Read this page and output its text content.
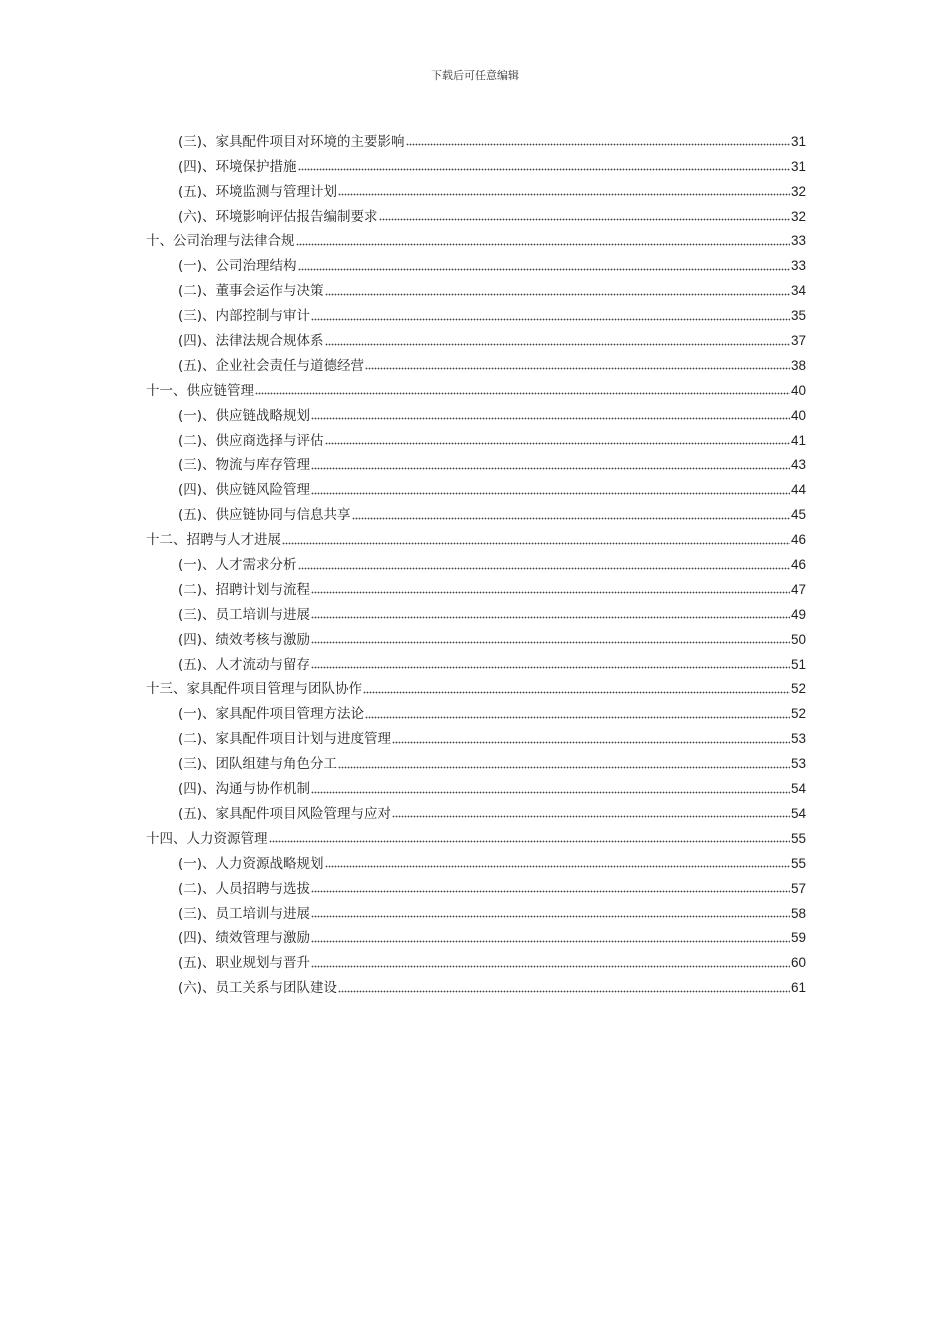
下载后可任意编辑
(三)、家具配件项目对环境的主要影响	31
(四)、环境保护措施	31
(五)、环境监测与管理计划	32
(六)、环境影响评估报告编制要求	32
十、公司治理与法律合规	33
(一)、公司治理结构	33
(二)、董事会运作与决策	34
(三)、内部控制与审计	35
(四)、法律法规合规体系	37
(五)、企业社会责任与道德经营	38
十一、供应链管理	40
(一)、供应链战略规划	40
(二)、供应商选择与评估	41
(三)、物流与库存管理	43
(四)、供应链风险管理	44
(五)、供应链协同与信息共享	45
十二、招聘与人才进展	46
(一)、人才需求分析	46
(二)、招聘计划与流程	47
(三)、员工培训与进展	49
(四)、绩效考核与激励	50
(五)、人才流动与留存	51
十三、家具配件项目管理与团队协作	52
(一)、家具配件项目管理方法论	52
(二)、家具配件项目计划与进度管理	53
(三)、团队组建与角色分工	53
(四)、沟通与协作机制	54
(五)、家具配件项目风险管理与应对	54
十四、人力资源管理	55
(一)、人力资源战略规划	55
(二)、人员招聘与选拔	57
(三)、员工培训与进展	58
(四)、绩效管理与激励	59
(五)、职业规划与晋升	60
(六)、员工关系与团队建设	61
